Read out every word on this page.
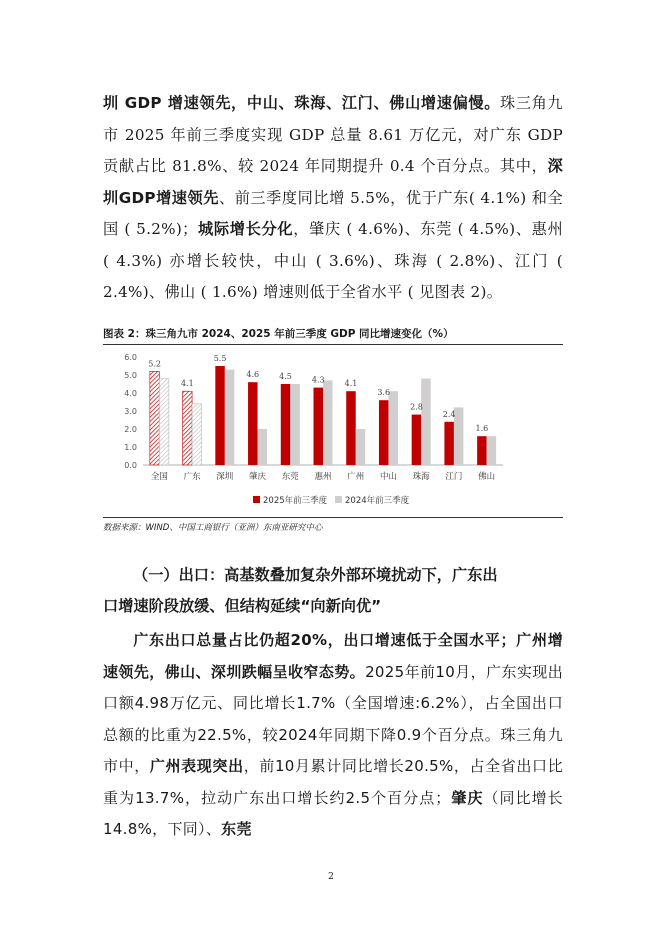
圳 GDP 增速领先，中山、珠海、江门、佛山增速偏慢。珠三角九市 2025 年前三季度实现 GDP 总量 8.61 万亿元，对广东 GDP 贡献占比 81.8%、较 2024 年同期提升 0.4 个百分点。其中，深圳GDP增速领先、前三季度同比增 5.5%，优于广东( 4.1%) 和全国 ( 5.2%)；城际增长分化，肇庆 ( 4.6%)、东莞 ( 4.5%)、惠州 ( 4.3%) 亦增长较快，中山 ( 3.6%)、珠海 ( 2.8%)、江门 ( 2.4%)、佛山 ( 1.6%) 增速则低于全省水平 ( 见图表 2)。

图表 2：珠三角九市 2024、2025 年前三季度 GDP 同比增速变化（%）
0.0
1.0
2.0
3.0
4.0
5.0
6.0
5.2
全国
4.1
广东
5.5
深圳
4.6
肇庆
4.5
东莞
4.3
惠州
4.1
广州
3.6
中山
2.8
珠海
2.4
江门
1.6
佛山
2025年前三季度 2024年前三季度
数据来源：WIND、中国工商银行（亚洲）东南亚研究中心
（一）出口：高基数叠加复杂外部环境扰动下，广东出
口增速阶段放缓、但结构延续“向新向优”

广东出口总量占比仍超20%，出口增速低于全国水平；广州增速领先，佛山、深圳跌幅呈收窄态势。2025年前10月，广东实现出口额4.98万亿元、同比增长1.7%（全国增速:6.2%），占全国出口总额的比重为22.5%，较2024年同期下降0.9个百分点。珠三角九市中，广州表现突出，前10月累计同比增长20.5%，占全省出口比重为13.7%，拉动广东出口增长约2.5个百分点；肇庆（同比增长14.8%，下同）、东莞

2
